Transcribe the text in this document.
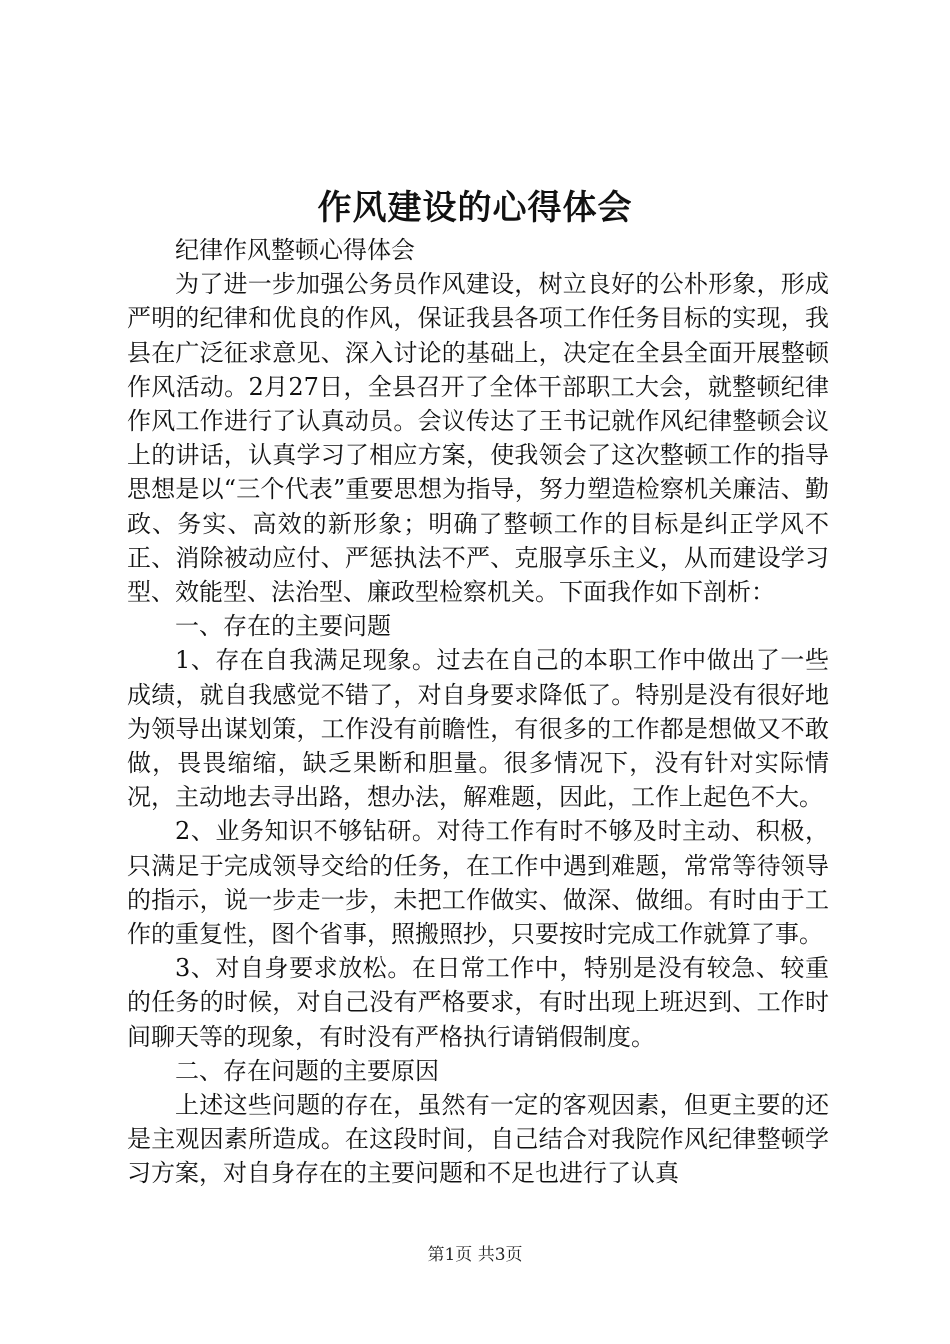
作风建设的心得体会

纪律作风整顿心得体会

为了进一步加强公务员作风建设，树立良好的公朴形象，形成严明的纪律和优良的作风，保证我县各项工作任务目标的实现，我县在广泛征求意见、深入讨论的基础上，决定在全县全面开展整顿作风活动。2月27日，全县召开了全体干部职工大会，就整顿纪律作风工作进行了认真动员。会议传达了王书记就作风纪律整顿会议上的讲话，认真学习了相应方案，使我领会了这次整顿工作的指导思想是以“三个代表”重要思想为指导，努力塑造检察机关廉洁、勤政、务实、高效的新形象；明确了整顿工作的目标是纠正学风不正、消除被动应付、严惩执法不严、克服享乐主义，从而建设学习型、效能型、法治型、廉政型检察机关。下面我作如下剖析：

一、存在的主要问题

1、存在自我满足现象。过去在自己的本职工作中做出了一些成绩，就自我感觉不错了，对自身要求降低了。特别是没有很好地为领导出谋划策，工作没有前瞻性，有很多的工作都是想做又不敢做，畏畏缩缩，缺乏果断和胆量。很多情况下，没有针对实际情况，主动地去寻出路，想办法，解难题，因此，工作上起色不大。

2、业务知识不够钻研。对待工作有时不够及时主动、积极，只满足于完成领导交给的任务，在工作中遇到难题，常常等待领导的指示，说一步走一步，未把工作做实、做深、做细。有时由于工作的重复性，图个省事，照搬照抄，只要按时完成工作就算了事。

3、对自身要求放松。在日常工作中，特别是没有较急、较重的任务的时候，对自己没有严格要求，有时出现上班迟到、工作时间聊天等的现象，有时没有严格执行请销假制度。

二、存在问题的主要原因

上述这些问题的存在，虽然有一定的客观因素，但更主要的还是主观因素所造成。在这段时间，自己结合对我院作风纪律整顿学习方案，对自身存在的主要问题和不足也进行了认真

第1页 共3页
